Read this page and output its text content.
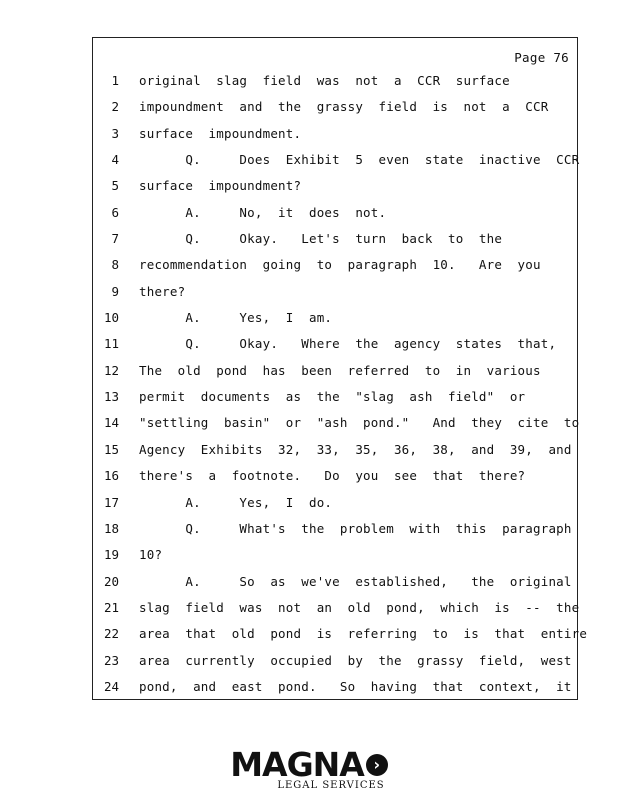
Page 76
1 original  slag  field  was  not  a  CCR  surface
2 impoundment  and  the  grassy  field  is  not  a  CCR
3 surface  impoundment.
4 Q.     Does  Exhibit  5  even  state  inactive  CCR
5 surface  impoundment?
6 A.     No,  it  does  not.
7 Q.     Okay.   Let's  turn  back  to  the
8 recommendation  going  to  paragraph  10.   Are  you
9 there?
10 A.     Yes,  I  am.
11 Q.     Okay.   Where  the  agency  states  that,
12 The  old  pond  has  been  referred  to  in  various
13 permit  documents  as  the  "slag  ash  field"  or
14 "settling  basin"  or  "ash  pond."   And  they  cite  to
15 Agency  Exhibits  32,  33,  35,  36,  38,  and  39,  and
16 there's  a  footnote.   Do  you  see  that  there?
17 A.     Yes,  I  do.
18 Q.     What's  the  problem  with  this  paragraph
19 10?
20 A.     So  as  we've  established,   the  original
21 slag  field  was  not  an  old  pond,  which  is  --  the
22 area  that  old  pond  is  referring  to  is  that  entire
23 area  currently  occupied  by  the  grassy  field,  west
24 pond,  and  east  pond.   So  having  that  context,  it
MAGNA ›
LEGAL SERVICES
